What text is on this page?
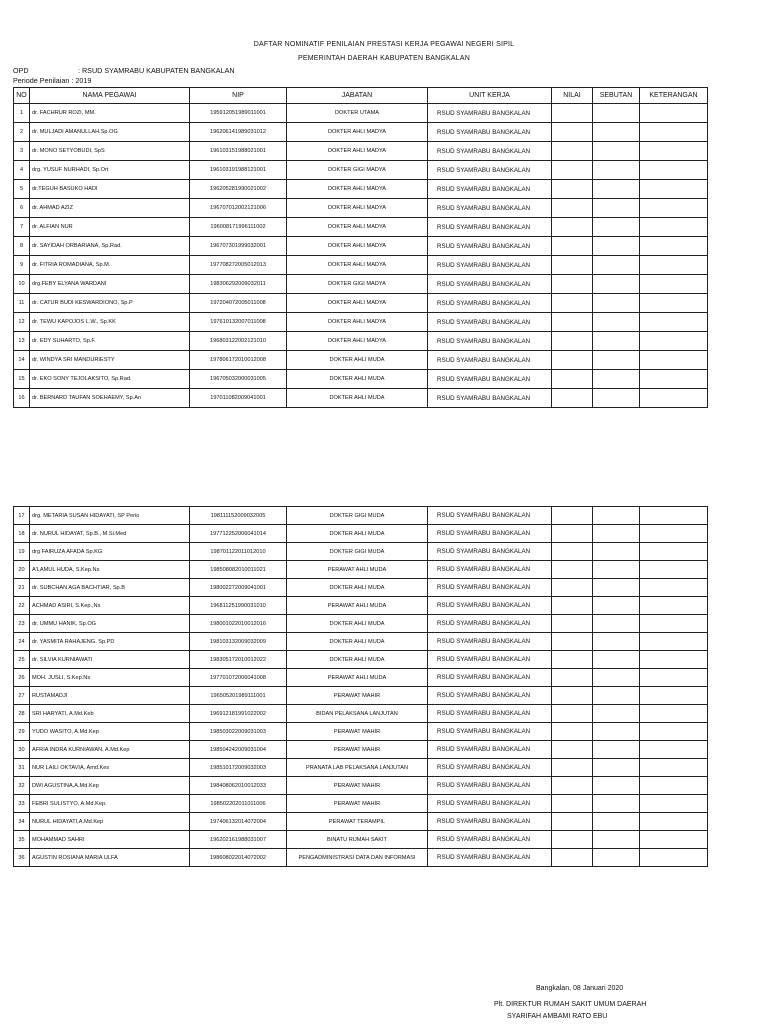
DAFTAR NOMINATIF PENILAIAN PRESTASI KERJA PEGAWAI NEGERI SIPIL
PEMERINTAH DAERAH KABUPATEN BANGKALAN
OPD	: RSUD SYAMRABU KABUPATEN BANGKALAN
Periode Penilaian : 2019
NO	NAMA PEGAWAI	NIP	JABATAN	UNIT KERJA	NILAI	SEBUTAN	KETERANGAN
1	dr. FACHRUR ROZI, MM.	195912051989011001	DOKTER UTAMA	RSUD SYAMRABU BANGKALAN			
2	dr. MULJADI AMANULLAH,Sp.OG	196206141989031012	DOKTER AHLI MADYA	RSUD SYAMRABU BANGKALAN			
3	dr. MONO SETYOBUDI, SpS	196103151988021001	DOKTER AHLI MADYA	RSUD SYAMRABU BANGKALAN			
4	drg. YUSUF NURHADI, Sp.Ort	196103191988121001	DOKTER GIGI MADYA	RSUD SYAMRABU BANGKALAN			
5	dr.TEGUH BASUKO HADI	196205281990021002	DOKTER AHLI MADYA	RSUD SYAMRABU BANGKALAN			
6	dr. AHMAD AZIZ	196707012002121006	DOKTER AHLI MADYA	RSUD SYAMRABU BANGKALAN			
7	dr. ALFIAN NUR	196008171996111002	DOKTER AHLI MADYA	RSUD SYAMRABU BANGKALAN			
8	dr. SAYIDAH ORBARIANA, Sp.Rad.	196707301999032001	DOKTER AHLI MADYA	RSUD SYAMRABU BANGKALAN			
9	dr. FITRIA ROMADIANA, Sp.M.	197708272005012013	DOKTER AHLI MADYA	RSUD SYAMRABU BANGKALAN			
10	drg.FEBY ELYANA WARDANI	198306292009032011	DOKTER GIGI MADYA	RSUD SYAMRABU BANGKALAN			
11	dr. CATUR BUDI KESWARDIONO, Sp.P	197204072005011008	DOKTER AHLI MADYA	RSUD SYAMRABU BANGKALAN			
12	dr. TEWU KAPOJOS L.W., Sp.KK	197610132007011008	DOKTER AHLI MADYA	RSUD SYAMRABU BANGKALAN			
13	dr. EDY SUHARTO, Sp.F.	196803122002121010	DOKTER AHLI MADYA	RSUD SYAMRABU BANGKALAN			
14	dr. WINDYA SRI MANDURIESTY	197806172010012008	DOKTER AHLI MUDA	RSUD SYAMRABU BANGKALAN			
15	dr. EKO SONY TEJOLAKSITO, Sp.Rad.	196705032000031005	DOKTER AHLI MUDA	RSUD SYAMRABU BANGKALAN			
16	dr. BERNARD TAUFAN SOEHAEMY, Sp.An	197011082009041001	DOKTER AHLI MUDA	RSUD SYAMRABU BANGKALAN			
17	drg. METARIA SUSAN HIDAYATI, SP Perio	198111152009032005	DOKTER GIGI MUDA	RSUD SYAMRABU BANGKALAN			
18	dr. NURUL HIDAYAT, Sp.B., M.Si.Med	197712252006041014	DOKTER AHLI MUDA	RSUD SYAMRABU BANGKALAN			
19	drg FAIRUZA AFADA Sp.KG	198701122011012010	DOKTER GIGI MUDA	RSUD SYAMRABU BANGKALAN			
20	A'LAMUL HUDA, S.Kep.Ns	198508082010011021	PERAWAT AHLI MUDA	RSUD SYAMRABU BANGKALAN			
21	dr. SUBCHAN AGA BACHTIAR, Sp.B	198002272009041001	DOKTER AHLI MUDA	RSUD SYAMRABU BANGKALAN			
22	ACHMAD ASIRI, S.Kep.,Ns	196811251990031010	PERAWAT AHLI MUDA	RSUD SYAMRABU BANGKALAN			
23	dr. UMMU HANIK, Sp.OG	198001022010012016	DOKTER AHLI MUDA	RSUD SYAMRABU BANGKALAN			
24	dr. YASMITA RAHAJENG. Sp.PD	198103132009032009	DOKTER AHLI MUDA	RSUD SYAMRABU BANGKALAN			
25	dr. SILVIA KURNIAWATI	198305172010012022	DOKTER AHLI MUDA	RSUD SYAMRABU BANGKALAN			
26	MOH. JUSLI, S.Kep.Ns	197701072006041008	PERAWAT AHLI MUDA	RSUD SYAMRABU BANGKALAN			
27	RUSTAMADJI	196505201989111001	PERAWAT MAHIR	RSUD SYAMRABU BANGKALAN			
28	SRI HARYATI, A.Md.Keb	196912181991022002	BIDAN PELAKSANA LANJUTAN	RSUD SYAMRABU BANGKALAN			
29	YUDO WASITO, A.Md.Kep	198503022009031003	PERAWAT MAHIR	RSUD SYAMRABU BANGKALAN			
30	AFRIA INDRA KURNIAWAN, A.Md.Kep	198504242009031004	PERAWAT MAHIR	RSUD SYAMRABU BANGKALAN			
31	NUR LAILI OKTAVIA, Amd.Kes	198510172009032003	PRANATA LAB PELAKSANA LANJUTAN	RSUD SYAMRABU BANGKALAN			
32	DWI AGUSTINA,A.Md.Kep	198408062010012033	PERAWAT MAHIR	RSUD SYAMRABU BANGKALAN			
33	FEBRI SULISTYO, A.Md.Kep.	198502202011011006	PERAWAT MAHIR	RSUD SYAMRABU BANGKALAN			
34	NURUL HIDAYATI,A.Md.Kep	197406132014072004	PERAWAT TERAMPIL	RSUD SYAMRABU BANGKALAN			
35	MOHAMMAD SAHRI	196202161988031007	BINATU RUMAH SAKIT	RSUD SYAMRABU BANGKALAN			
36	AGUSTIN ROSIANA MARIA ULFA	198608022014072002	PENGADMINISTRASI DATA DAN INFORMASI	RSUD SYAMRABU BANGKALAN			
Bangkalan, 08 Januari 2020
Plt. DIREKTUR RUMAH SAKIT UMUM DAERAH
SYARIFAH AMBAMI RATO EBU
